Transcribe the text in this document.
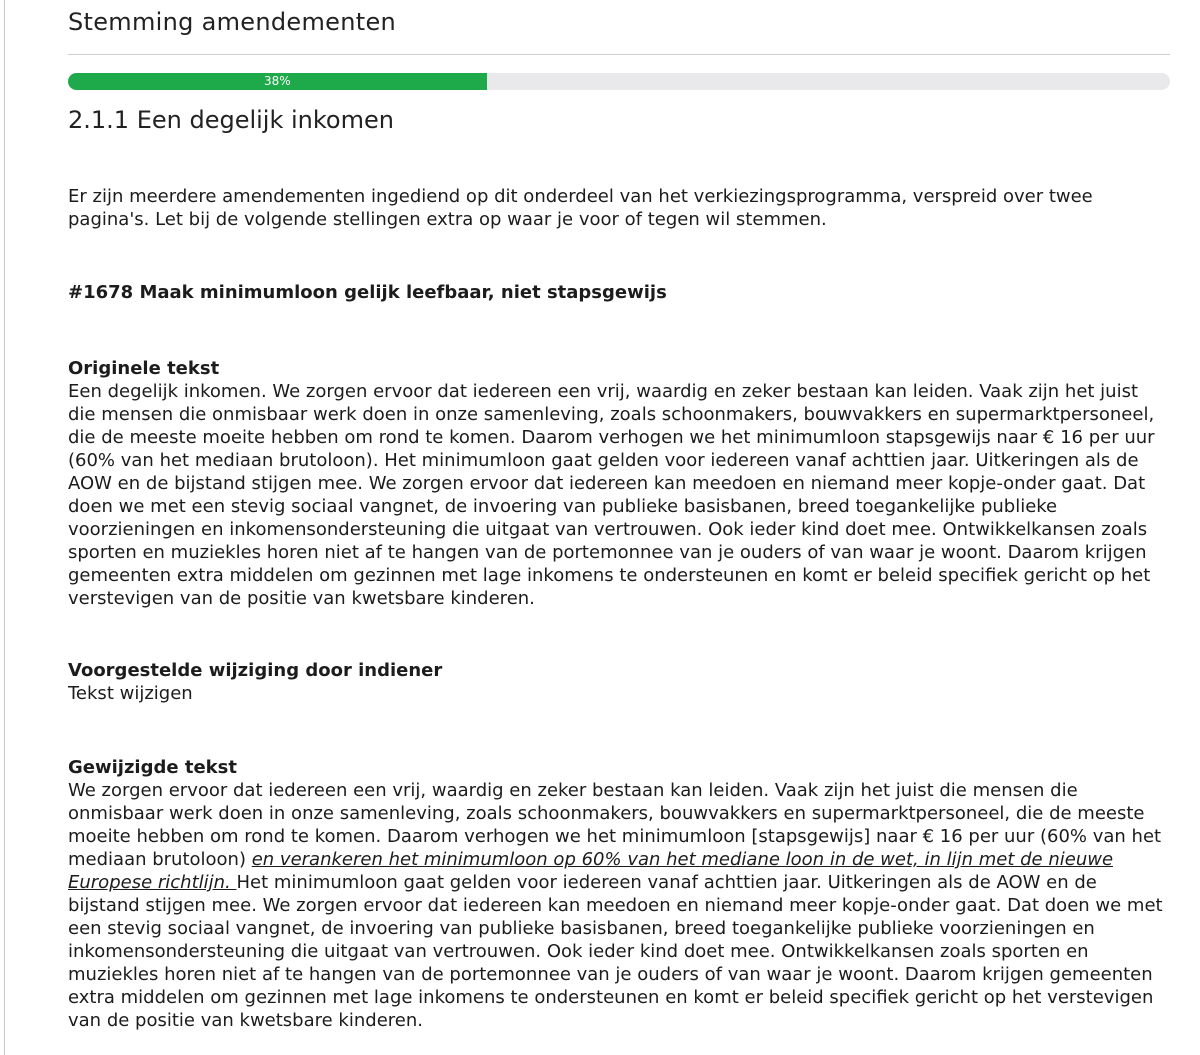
Stemming amendementen
38%
2.1.1 Een degelijk inkomen

Er zijn meerdere amendementen ingediend op dit onderdeel van het verkiezingsprogramma, verspreid over twee pagina's. Let bij de volgende stellingen extra op waar je voor of tegen wil stemmen.

#1678 Maak minimumloon gelijk leefbaar, niet stapsgewijs
Originele tekst

Een degelijk inkomen. We zorgen ervoor dat iedereen een vrij, waardig en zeker bestaan kan leiden. Vaak zijn het juist die mensen die onmisbaar werk doen in onze samenleving, zoals schoonmakers, bouwvakkers en supermarktpersoneel, die de meeste moeite hebben om rond te komen. Daarom verhogen we het minimumloon stapsgewijs naar € 16 per uur (60% van het mediaan brutoloon). Het minimumloon gaat gelden voor iedereen vanaf achttien jaar. Uitkeringen als de AOW en de bijstand stijgen mee. We zorgen ervoor dat iedereen kan meedoen en niemand meer kopje-onder gaat. Dat doen we met een stevig sociaal vangnet, de invoering van publieke basisbanen, breed toegankelijke publieke voorzieningen en inkomensondersteuning die uitgaat van vertrouwen. Ook ieder kind doet mee. Ontwikkelkansen zoals sporten en muziekles horen niet af te hangen van de portemonnee van je ouders of van waar je woont. Daarom krijgen gemeenten extra middelen om gezinnen met lage inkomens te ondersteunen en komt er beleid specifiek gericht op het verstevigen van de positie van kwetsbare kinderen.

Voorgestelde wijziging door indiener

Tekst wijzigen

Gewijzigde tekst

We zorgen ervoor dat iedereen een vrij, waardig en zeker bestaan kan leiden. Vaak zijn het juist die mensen die onmisbaar werk doen in onze samenleving, zoals schoonmakers, bouwvakkers en supermarktpersoneel, die de meeste moeite hebben om rond te komen. Daarom verhogen we het minimumloon [stapsgewijs] naar € 16 per uur (60% van het mediaan brutoloon) en verankeren het minimumloon op 60% van het mediane loon in de wet, in lijn met de nieuwe Europese richtlijn. Het minimumloon gaat gelden voor iedereen vanaf achttien jaar. Uitkeringen als de AOW en de bijstand stijgen mee. We zorgen ervoor dat iedereen kan meedoen en niemand meer kopje-onder gaat. Dat doen we met een stevig sociaal vangnet, de invoering van publieke basisbanen, breed toegankelijke publieke voorzieningen en inkomensondersteuning die uitgaat van vertrouwen. Ook ieder kind doet mee. Ontwikkelkansen zoals sporten en muziekles horen niet af te hangen van de portemonnee van je ouders of van waar je woont. Daarom krijgen gemeenten extra middelen om gezinnen met lage inkomens te ondersteunen en komt er beleid specifiek gericht op het verstevigen van de positie van kwetsbare kinderen.
